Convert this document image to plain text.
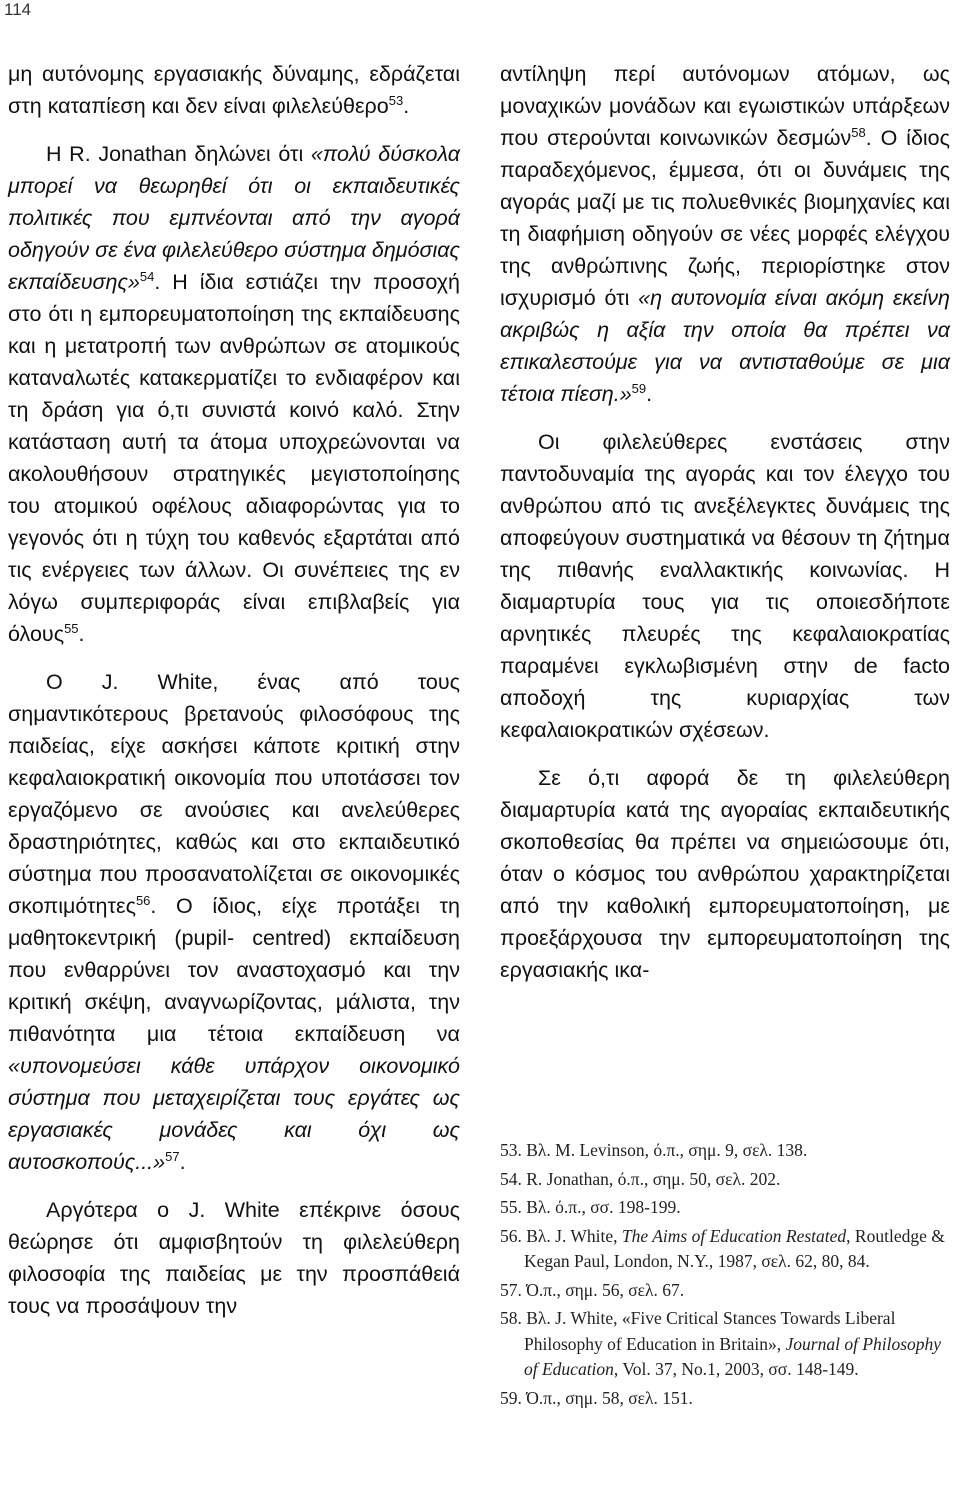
114

μη αυτόνομης εργασιακής δύναμης, εδράζεται στη καταπίεση και δεν είναι φιλελεύθερο$^{53}$.

Η R. Jonathan δηλώνει ότι «πολύ δύσκολα μπορεί να θεωρηθεί ότι οι εκπαιδευτικές πολιτικές που εμπνέονται από την αγορά οδηγούν σε ένα φιλελεύθερο σύστημα δημόσιας εκπαίδευσης»$^{54}$. Η ίδια εστιάζει την προσοχή στο ότι η εμπορευματοποίηση της εκπαίδευσης και η μετατροπή των ανθρώπων σε ατομικούς καταναλωτές κατακερματίζει το ενδιαφέρον και τη δράση για ό,τι συνιστά κοινό καλό. Στην κατάσταση αυτή τα άτομα υποχρεώνονται να ακολουθήσουν στρατηγικές μεγιστοποίησης του ατομικού οφέλους αδιαφορώντας για το γεγονός ότι η τύχη του καθενός εξαρτάται από τις ενέργειες των άλλων. Οι συνέπειες της εν λόγω συμπεριφοράς είναι επιβλαβείς για όλους$^{55}$.

Ο J. White, ένας από τους σημαντικότερους βρετανούς φιλοσόφους της παιδείας, είχε ασκήσει κάποτε κριτική στην κεφαλαιοκρατική οικονομία που υποτάσσει τον εργαζόμενο σε ανούσιες και ανελεύθερες δραστηριότητες, καθώς και στο εκπαιδευτικό σύστημα που προσανατολίζεται σε οικονομικές σκοπιμότητες$^{56}$. Ο ίδιος, είχε προτάξει τη μαθητοκεντρική (pupil- centred) εκπαίδευση που ενθαρρύνει τον αναστοχασμό και την κριτική σκέψη, αναγνωρίζοντας, μάλιστα, την πιθανότητα μια τέτοια εκπαίδευση να «υπονομεύσει κάθε υπάρχον οικονομικό σύστημα που μεταχειρίζεται τους εργάτες ως εργασιακές μονάδες και όχι ως αυτοσκοπούς...»$^{57}$.

Αργότερα ο J. White επέκρινε όσους θεώρησε ότι αμφισβητούν τη φιλελεύθερη φιλοσοφία της παιδείας με την προσπάθειά τους να προσάψουν την

αντίληψη περί αυτόνομων ατόμων, ως μοναχικών μονάδων και εγωιστικών υπάρξεων που στερούνται κοινωνικών δεσμών$^{58}$. Ο ίδιος παραδεχόμενος, έμμεσα, ότι οι δυνάμεις της αγοράς μαζί με τις πολυεθνικές βιομηχανίες και τη διαφήμιση οδηγούν σε νέες μορφές ελέγχου της ανθρώπινης ζωής, περιορίστηκε στον ισχυρισμό ότι «η αυτονομία είναι ακόμη εκείνη ακριβώς η αξία την οποία θα πρέπει να επικαλεστούμε για να αντισταθούμε σε μια τέτοια πίεση.»$^{59}$.

Οι φιλελεύθερες ενστάσεις στην παντοδυναμία της αγοράς και τον έλεγχο του ανθρώπου από τις ανεξέλεγκτες δυνάμεις της αποφεύγουν συστηματικά να θέσουν τη ζήτημα της πιθανής εναλλακτικής κοινωνίας. Η διαμαρτυρία τους για τις οποιεσδήποτε αρνητικές πλευρές της κεφαλαιοκρατίας παραμένει εγκλωβισμένη στην de facto αποδοχή της κυριαρχίας των κεφαλαιοκρατικών σχέσεων.

Σε ό,τι αφορά δε τη φιλελεύθερη διαμαρτυρία κατά της αγοραίας εκπαιδευτικής σκοποθεσίας θα πρέπει να σημειώσουμε ότι, όταν ο κόσμος του ανθρώπου χαρακτηρίζεται από την καθολική εμπορευματοποίηση, με προεξάρχουσα την εμπορευματοποίηση της εργασιακής ικα-

53. Βλ. M. Levinson, ό.π., σημ. 9, σελ. 138.
54. R. Jonathan, ό.π., σημ. 50, σελ. 202.
55. Βλ. ό.π., σσ. 198-199.
56. Βλ. J. White, The Aims of Education Restated, Routledge & Kegan Paul, London, N.Y., 1987, σελ. 62, 80, 84.
57. Ό.π., σημ. 56, σελ. 67.
58. Βλ. J. White, «Five Critical Stances Towards Liberal Philosophy of Education in Britain», Journal of Philosophy of Education, Vol. 37, No.1, 2003, σσ. 148-149.
59. Ό.π., σημ. 58, σελ. 151.
